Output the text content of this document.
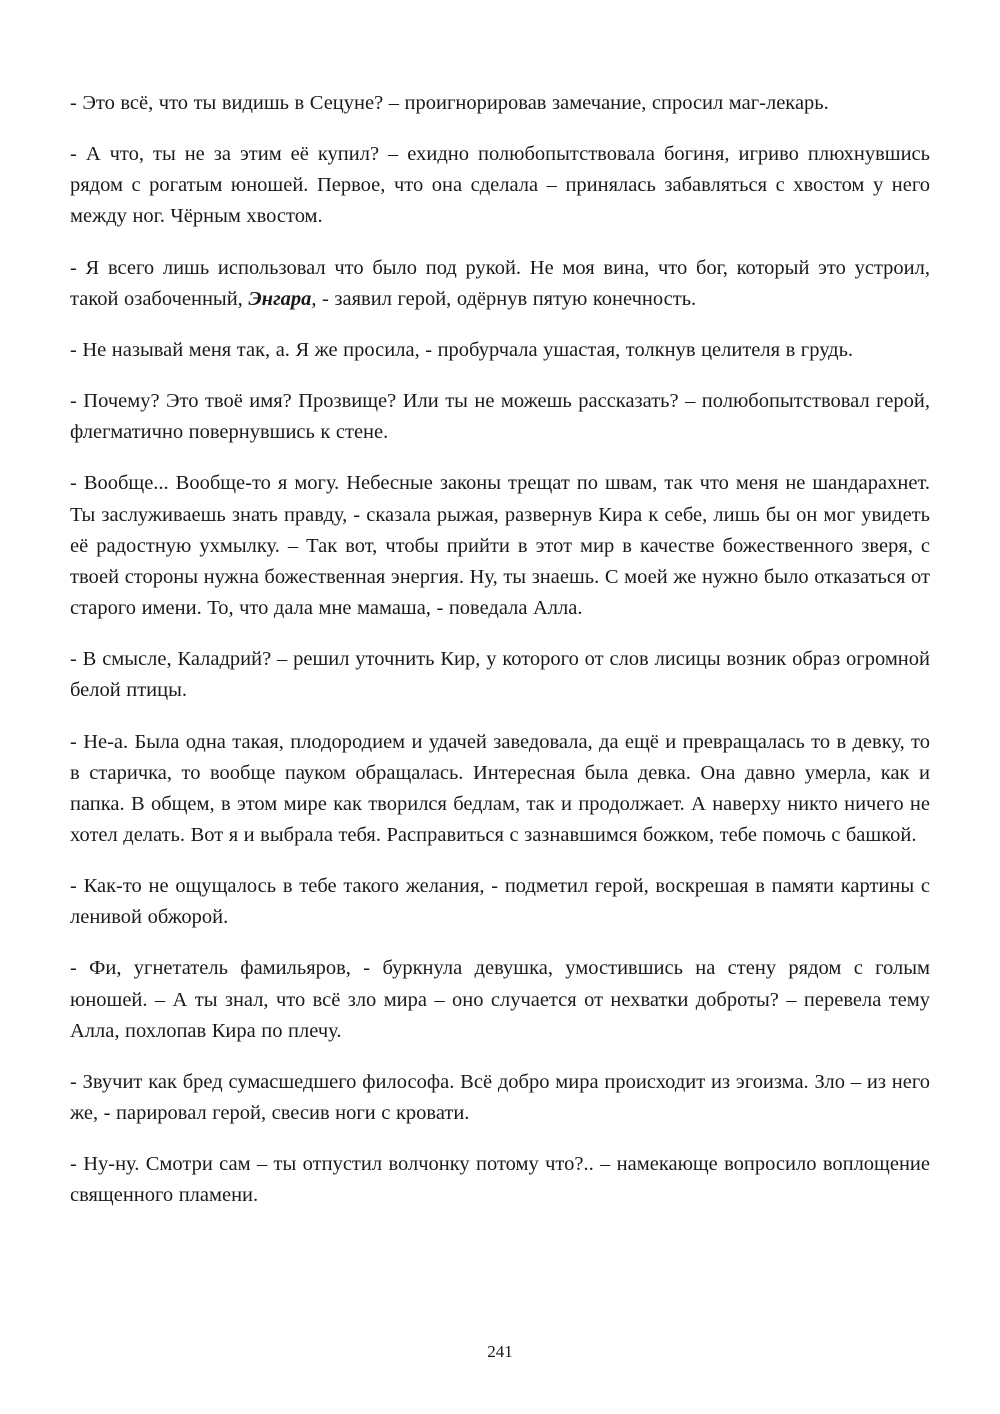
- Это всё, что ты видишь в Сецуне? – проигнорировав замечание, спросил маг-лекарь.

- А что, ты не за этим её купил? – ехидно полюбопытствовала богиня, игриво плюхнувшись рядом с рогатым юношей. Первое, что она сделала – принялась забавляться с хвостом у него между ног. Чёрным хвостом.

- Я всего лишь использовал что было под рукой. Не моя вина, что бог, который это устроил, такой озабоченный, Энгара, - заявил герой, одёрнув пятую конечность.

- Не называй меня так, а. Я же просила, - пробурчала ушастая, толкнув целителя в грудь.

- Почему? Это твоё имя? Прозвище? Или ты не можешь рассказать? – полюбопытствовал герой, флегматично повернувшись к стене.

- Вообще... Вообще-то я могу. Небесные законы трещат по швам, так что меня не шандарахнет. Ты заслуживаешь знать правду, - сказала рыжая, развернув Кира к себе, лишь бы он мог увидеть её радостную ухмылку. – Так вот, чтобы прийти в этот мир в качестве божественного зверя, с твоей стороны нужна божественная энергия. Ну, ты знаешь. С моей же нужно было отказаться от старого имени. То, что дала мне мамаша, - поведала Алла.

- В смысле, Каладрий? – решил уточнить Кир, у которого от слов лисицы возник образ огромной белой птицы.

- Не-а. Была одна такая, плодородием и удачей заведовала, да ещё и превращалась то в девку, то в старичка, то вообще пауком обращалась. Интересная была девка. Она давно умерла, как и папка. В общем, в этом мире как творился бедлам, так и продолжает. А наверху никто ничего не хотел делать. Вот я и выбрала тебя. Расправиться с зазнавшимся божком, тебе помочь с башкой.

- Как-то не ощущалось в тебе такого желания, - подметил герой, воскрешая в памяти картины с ленивой обжорой.

- Фи, угнетатель фамильяров, - буркнула девушка, умостившись на стену рядом с голым юношей. – А ты знал, что всё зло мира – оно случается от нехватки доброты? – перевела тему Алла, похлопав Кира по плечу.

- Звучит как бред сумасшедшего философа. Всё добро мира происходит из эгоизма. Зло – из него же, - парировал герой, свесив ноги с кровати.

- Ну-ну. Смотри сам – ты отпустил волчонку потому что?.. – намекающе вопросило воплощение священного пламени.

241
